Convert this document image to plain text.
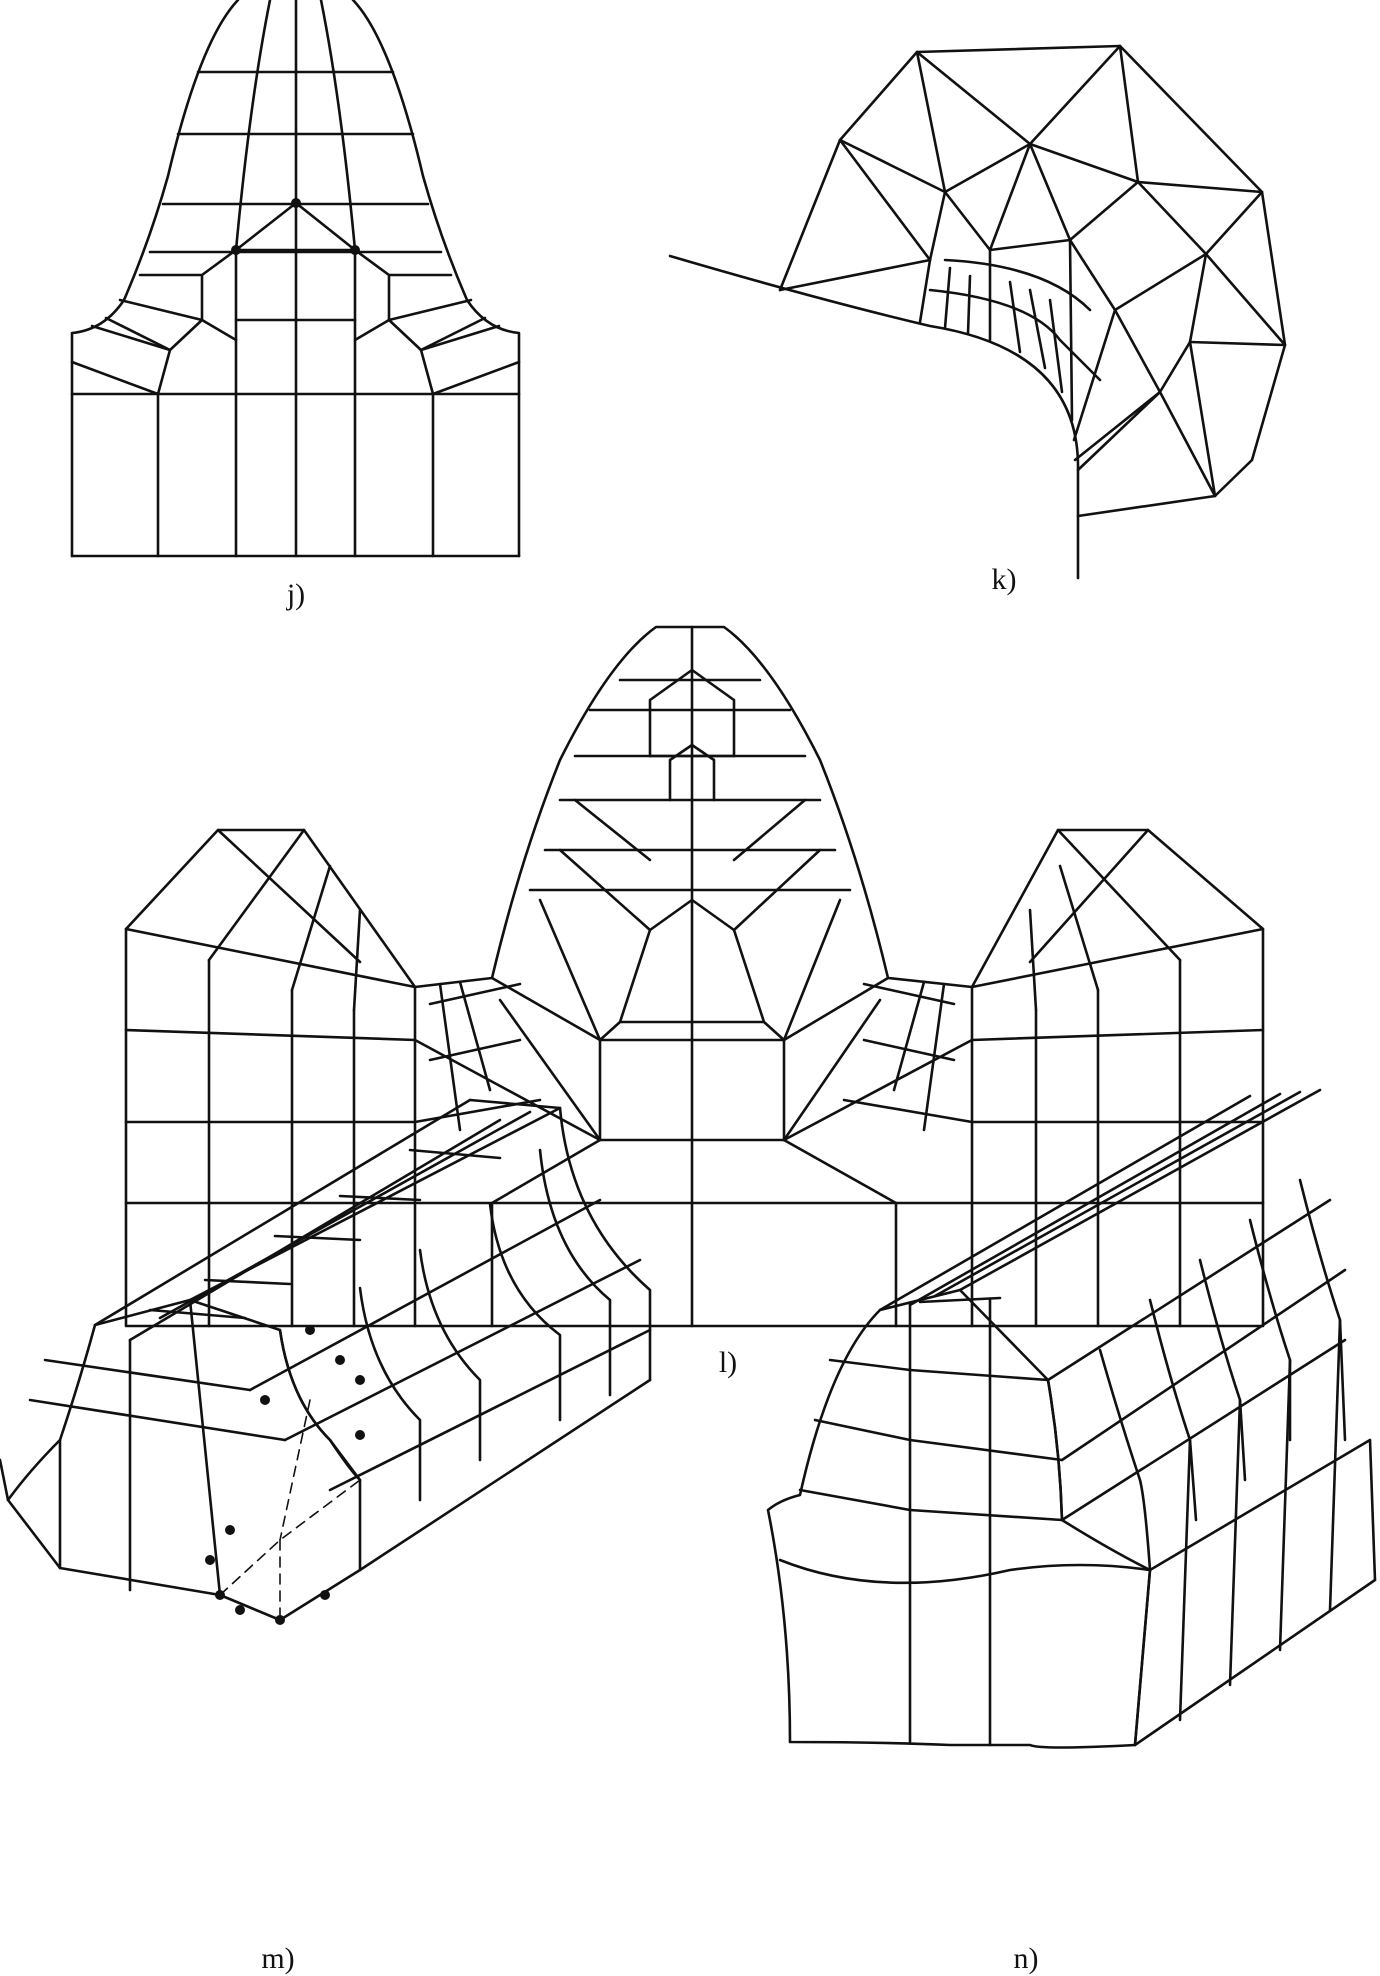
j)	k)
l)
m)	n)
